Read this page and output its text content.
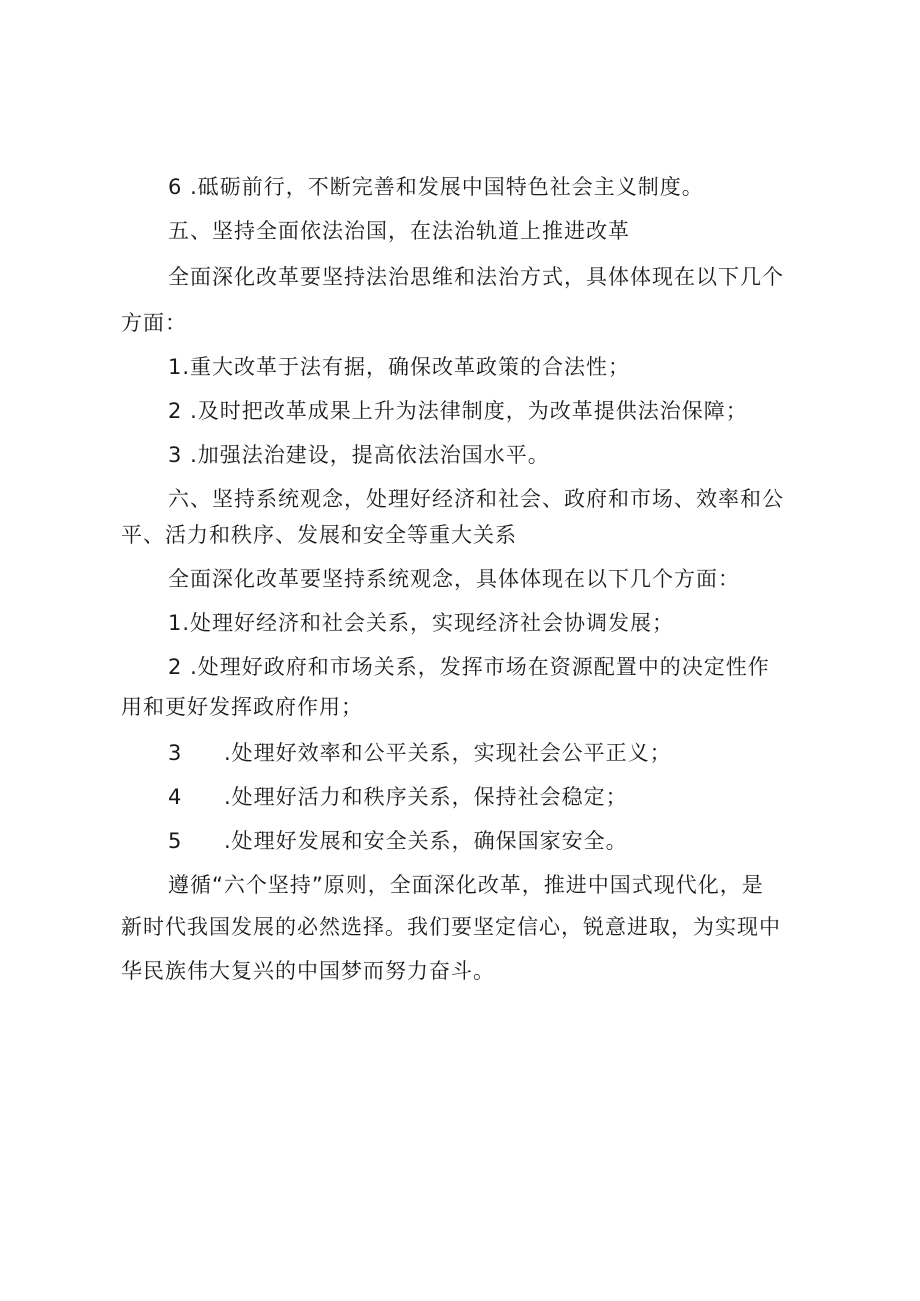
6 .砥砺前行，不断完善和发展中国特色社会主义制度。
五、坚持全面依法治国，在法治轨道上推进改革
全面深化改革要坚持法治思维和法治方式，具体体现在以下几个
方面：
1.重大改革于法有据，确保改革政策的合法性；
2 .及时把改革成果上升为法律制度，为改革提供法治保障；
3 .加强法治建设，提高依法治国水平。
六、坚持系统观念，处理好经济和社会、政府和市场、效率和公
平、活力和秩序、发展和安全等重大关系
全面深化改革要坚持系统观念，具体体现在以下几个方面：
1.处理好经济和社会关系，实现经济社会协调发展；
2 .处理好政府和市场关系，发挥市场在资源配置中的决定性作
用和更好发挥政府作用；
3 .处理好效率和公平关系，实现社会公平正义；
4 .处理好活力和秩序关系，保持社会稳定；
5 .处理好发展和安全关系，确保国家安全。
遵循“六个坚持”原则，全面深化改革，推进中国式现代化，是
新时代我国发展的必然选择。我们要坚定信心，锐意进取，为实现中
华民族伟大复兴的中国梦而努力奋斗。
